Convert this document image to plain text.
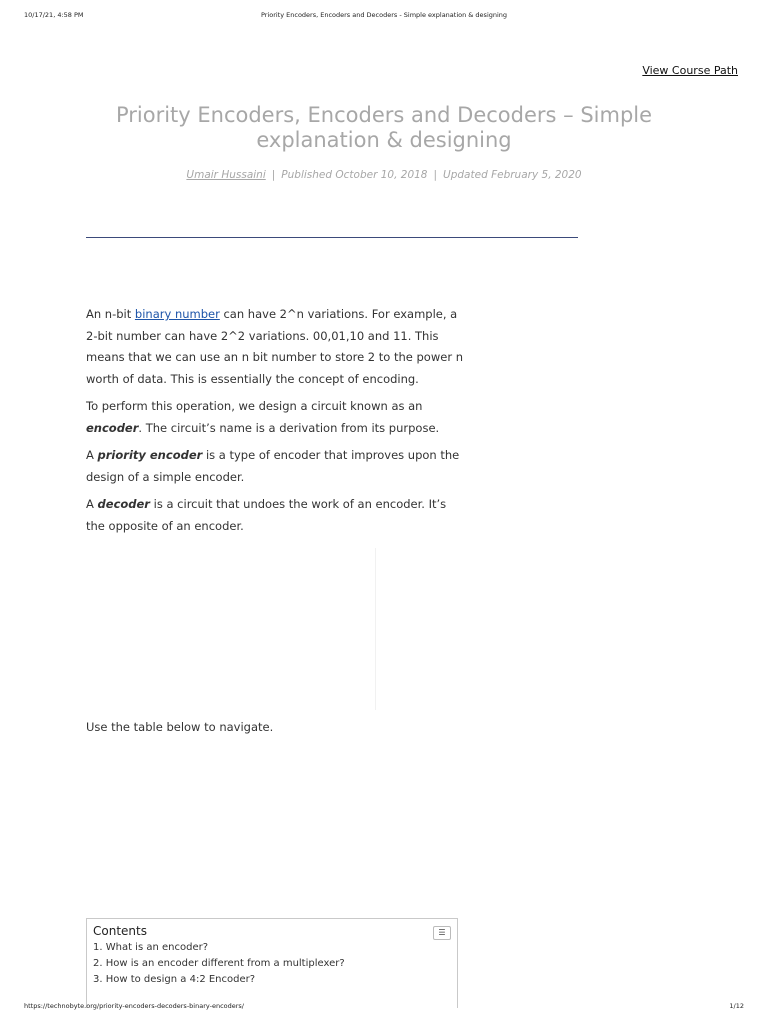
10/17/21, 4:58 PM	Priority Encoders, Encoders and Decoders - Simple explanation & designing
View Course Path
Priority Encoders, Encoders and Decoders – Simple explanation & designing
Umair Hussaini | Published October 10, 2018 | Updated February 5, 2020

An n-bit binary number can have 2^n variations. For example, a 2-bit number can have 2^2 variations. 00,01,10 and 11. This means that we can use an n bit number to store 2 to the power n worth of data. This is essentially the concept of encoding.

To perform this operation, we design a circuit known as an encoder. The circuit’s name is a derivation from its purpose.

A priority encoder is a type of encoder that improves upon the design of a simple encoder.

A decoder is a circuit that undoes the work of an encoder. It’s the opposite of an encoder.

Use the table below to navigate.
Contents	☰
1. What is an encoder?
2. How is an encoder different from a multiplexer?
3. How to design a 4:2 Encoder?
https://technobyte.org/priority-encoders-decoders-binary-encoders/	1/12
